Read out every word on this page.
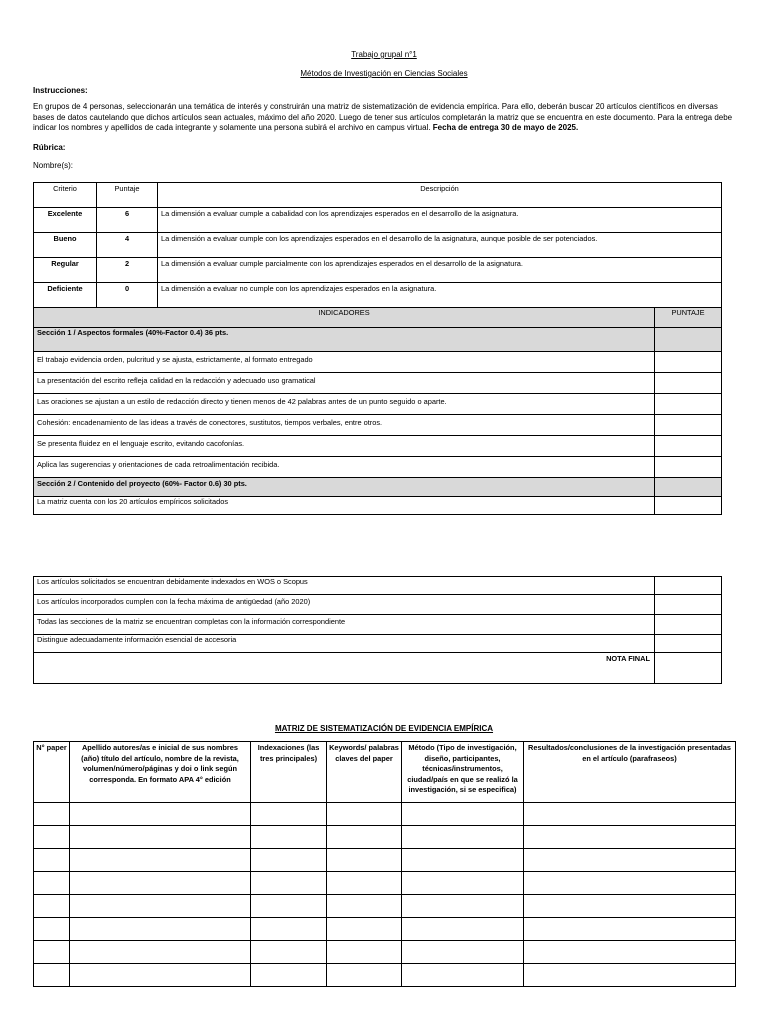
Trabajo grupal n°1
Métodos de Investigación en Ciencias Sociales
Instrucciones:
En grupos de 4 personas, seleccionarán una temática de interés y construirán una matriz de sistematización de evidencia empírica. Para ello, deberán buscar 20 artículos científicos en diversas bases de datos cautelando que dichos artículos sean actuales, máximo del año 2020. Luego de tener sus artículos completarán la matriz que se encuentra en este documento. Para la entrega debe indicar los nombres y apellidos de cada integrante y solamente una persona subirá el archivo en campus virtual. Fecha de entrega 30 de mayo de 2025.
Rúbrica:
Nombre(s):
Criterio	Puntaje	Descripción	
Excelente	6	La dimensión a evaluar cumple a cabalidad con los aprendizajes esperados en el desarrollo de la asignatura.	
Bueno	4	La dimensión a evaluar cumple con los aprendizajes esperados en el desarrollo de la asignatura, aunque posible de ser potenciados.	
Regular	2	La dimensión a evaluar cumple parcialmente con los aprendizajes esperados en el desarrollo de la asignatura.	
Deficiente	0	La dimensión a evaluar no cumple con los aprendizajes esperados en la asignatura.	
INDICADORES			PUNTAJE
Sección 1 / Aspectos formales (40%-Factor 0.4) 36 pts.			
El trabajo evidencia orden, pulcritud y se ajusta, estrictamente, al formato entregado			
La presentación del escrito refleja calidad en la redacción y adecuado uso gramatical			
Las oraciones se ajustan a un estilo de redacción directo y tienen menos de 42 palabras antes de un punto seguido o aparte.			
Cohesión: encadenamiento de las ideas a través de conectores, sustitutos, tiempos verbales, entre otros.			
Se presenta fluidez en el lenguaje escrito, evitando cacofonías.			
Aplica las sugerencias y orientaciones de cada retroalimentación recibida.			
Sección 2 / Contenido del proyecto (60%- Factor 0.6) 30 pts.			
La matriz cuenta con los 20 artículos empíricos solicitados			
Los artículos solicitados se encuentran debidamente indexados en WOS o Scopus	
Los artículos incorporados cumplen con la fecha máxima de antigüedad (año 2020)	
Todas las secciones de la matriz se encuentran completas con la información correspondiente	
Distingue adecuadamente información esencial de accesoria	
NOTA FINAL	
MATRIZ DE SISTEMATIZACIÓN DE EVIDENCIA EMPÍRICA
N° paper	Apellido autores/as e inicial de sus nombres (año) título del artículo, nombre de la revista, volumen/número/páginas y doi o link según corresponda. En formato APA 4° edición	Indexaciones (las tres principales)	Keywords/ palabras claves del paper	Método (Tipo de investigación, diseño, participantes, técnicas/instrumentos, ciudad/país en que se realizó la investigación, si se especifica)	Resultados/conclusiones de la investigación presentadas en el artículo (parafraseos)
